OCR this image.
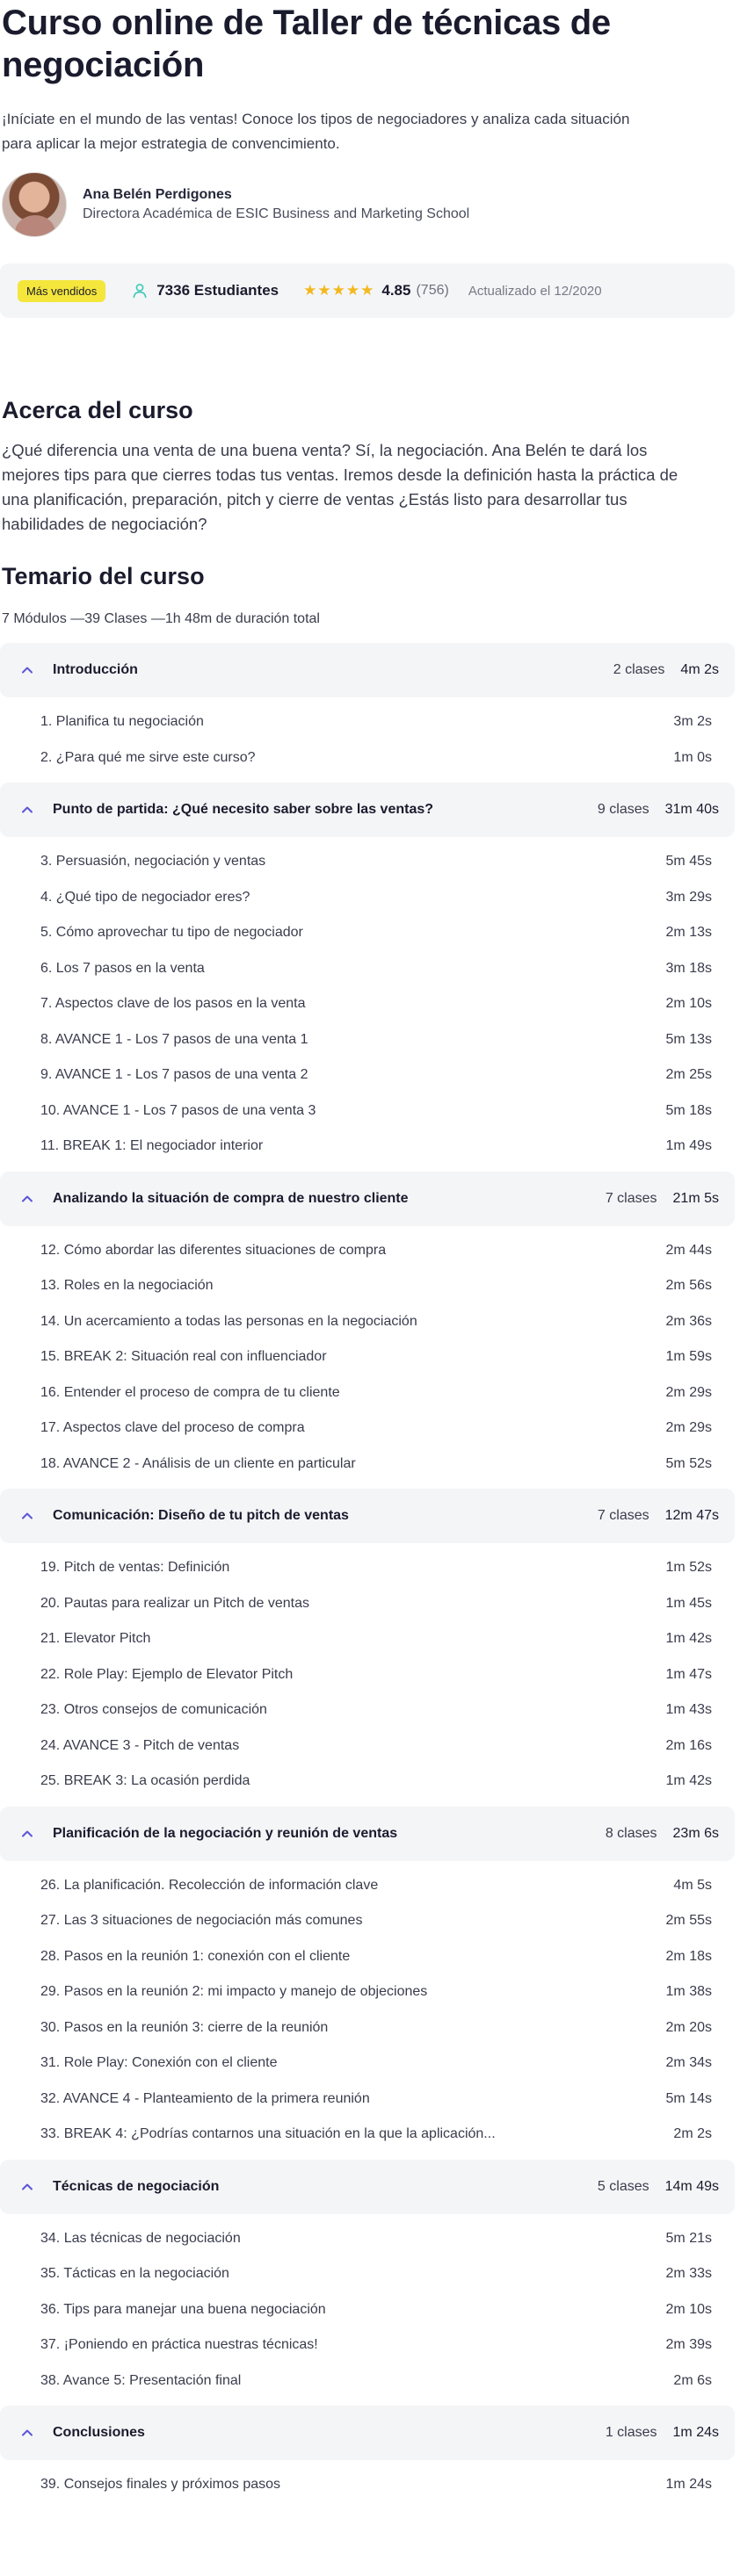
Curso online de Taller de técnicas de negociación

¡Iníciate en el mundo de las ventas! Conoce los tipos de negociadores y analiza cada situación para aplicar la mejor estrategia de convencimiento.

Ana Belén Perdigones
Directora Académica de ESIC Business and Marketing School
Más vendidos	7336 Estudiantes ★ ★ ★ ★ ★ 4.85 (756) Actualizado el 12/2020
Acerca del curso

¿Qué diferencia una venta de una buena venta? Sí, la negociación. Ana Belén te dará los mejores tips para que cierres todas tus ventas. Iremos desde la definición hasta la práctica de una planificación, preparación, pitch y cierre de ventas ¿Estás listo para desarrollar tus habilidades de negociación?

Temario del curso

7 Módulos —39 Clases —1h 48m de duración total

Introducción	2 clases 4m 2s
1. Planifica tu negociación	3m 2s
2. ¿Para qué me sirve este curso?	1m 0s
Punto de partida: ¿Qué necesito saber sobre las ventas?	9 clases 31m 40s
3. Persuasión, negociación y ventas	5m 45s
4. ¿Qué tipo de negociador eres?	3m 29s
5. Cómo aprovechar tu tipo de negociador	2m 13s
6. Los 7 pasos en la venta	3m 18s
7. Aspectos clave de los pasos en la venta	2m 10s
8. AVANCE 1 - Los 7 pasos de una venta 1	5m 13s
9. AVANCE 1 - Los 7 pasos de una venta 2	2m 25s
10. AVANCE 1 - Los 7 pasos de una venta 3	5m 18s
11. BREAK 1: El negociador interior	1m 49s
Analizando la situación de compra de nuestro cliente	7 clases 21m 5s
12. Cómo abordar las diferentes situaciones de compra	2m 44s
13. Roles en la negociación	2m 56s
14. Un acercamiento a todas las personas en la negociación	2m 36s
15. BREAK 2: Situación real con influenciador	1m 59s
16. Entender el proceso de compra de tu cliente	2m 29s
17. Aspectos clave del proceso de compra	2m 29s
18. AVANCE 2 - Análisis de un cliente en particular	5m 52s
Comunicación: Diseño de tu pitch de ventas	7 clases 12m 47s
19. Pitch de ventas: Definición	1m 52s
20. Pautas para realizar un Pitch de ventas	1m 45s
21. Elevator Pitch	1m 42s
22. Role Play: Ejemplo de Elevator Pitch	1m 47s
23. Otros consejos de comunicación	1m 43s
24. AVANCE 3 - Pitch de ventas	2m 16s
25. BREAK 3: La ocasión perdida	1m 42s
Planificación de la negociación y reunión de ventas	8 clases 23m 6s
26. La planificación. Recolección de información clave	4m 5s
27. Las 3 situaciones de negociación más comunes	2m 55s
28. Pasos en la reunión 1: conexión con el cliente	2m 18s
29. Pasos en la reunión 2: mi impacto y manejo de objeciones	1m 38s
30. Pasos en la reunión 3: cierre de la reunión	2m 20s
31. Role Play: Conexión con el cliente	2m 34s
32. AVANCE 4 - Planteamiento de la primera reunión	5m 14s
33. BREAK 4: ¿Podrías contarnos una situación en la que la aplicación...	2m 2s
Técnicas de negociación	5 clases 14m 49s
34. Las técnicas de negociación	5m 21s
35. Tácticas en la negociación	2m 33s
36. Tips para manejar una buena negociación	2m 10s
37. ¡Poniendo en práctica nuestras técnicas!	2m 39s
38. Avance 5: Presentación final	2m 6s
Conclusiones	1 clases 1m 24s
39. Consejos finales y próximos pasos	1m 24s
